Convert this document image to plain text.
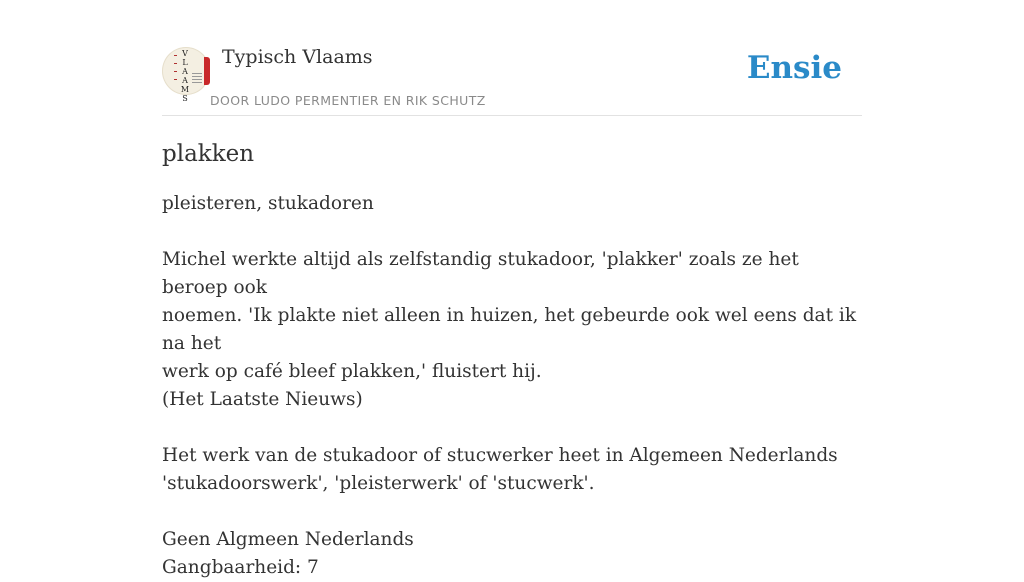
V
L
A
A
M
S
Typisch Vlaams
DOOR LUDO PERMENTIER EN RIK SCHUTZ
Ensie
plakken

pleisteren, stukadoren

Michel werkte altijd als zelfstandig stukadoor, 'plakker' zoals ze het beroep ook

noemen. 'Ik plakte niet alleen in huizen, het gebeurde ook wel eens dat ik na het

werk op café bleef plakken,' fluistert hij.

(Het Laatste Nieuws)

Het werk van de stukadoor of stucwerker heet in Algemeen Nederlands

'stukadoorswerk', 'pleisterwerk' of 'stucwerk'.

Geen Algmeen Nederlands

Gangbaarheid: 7
